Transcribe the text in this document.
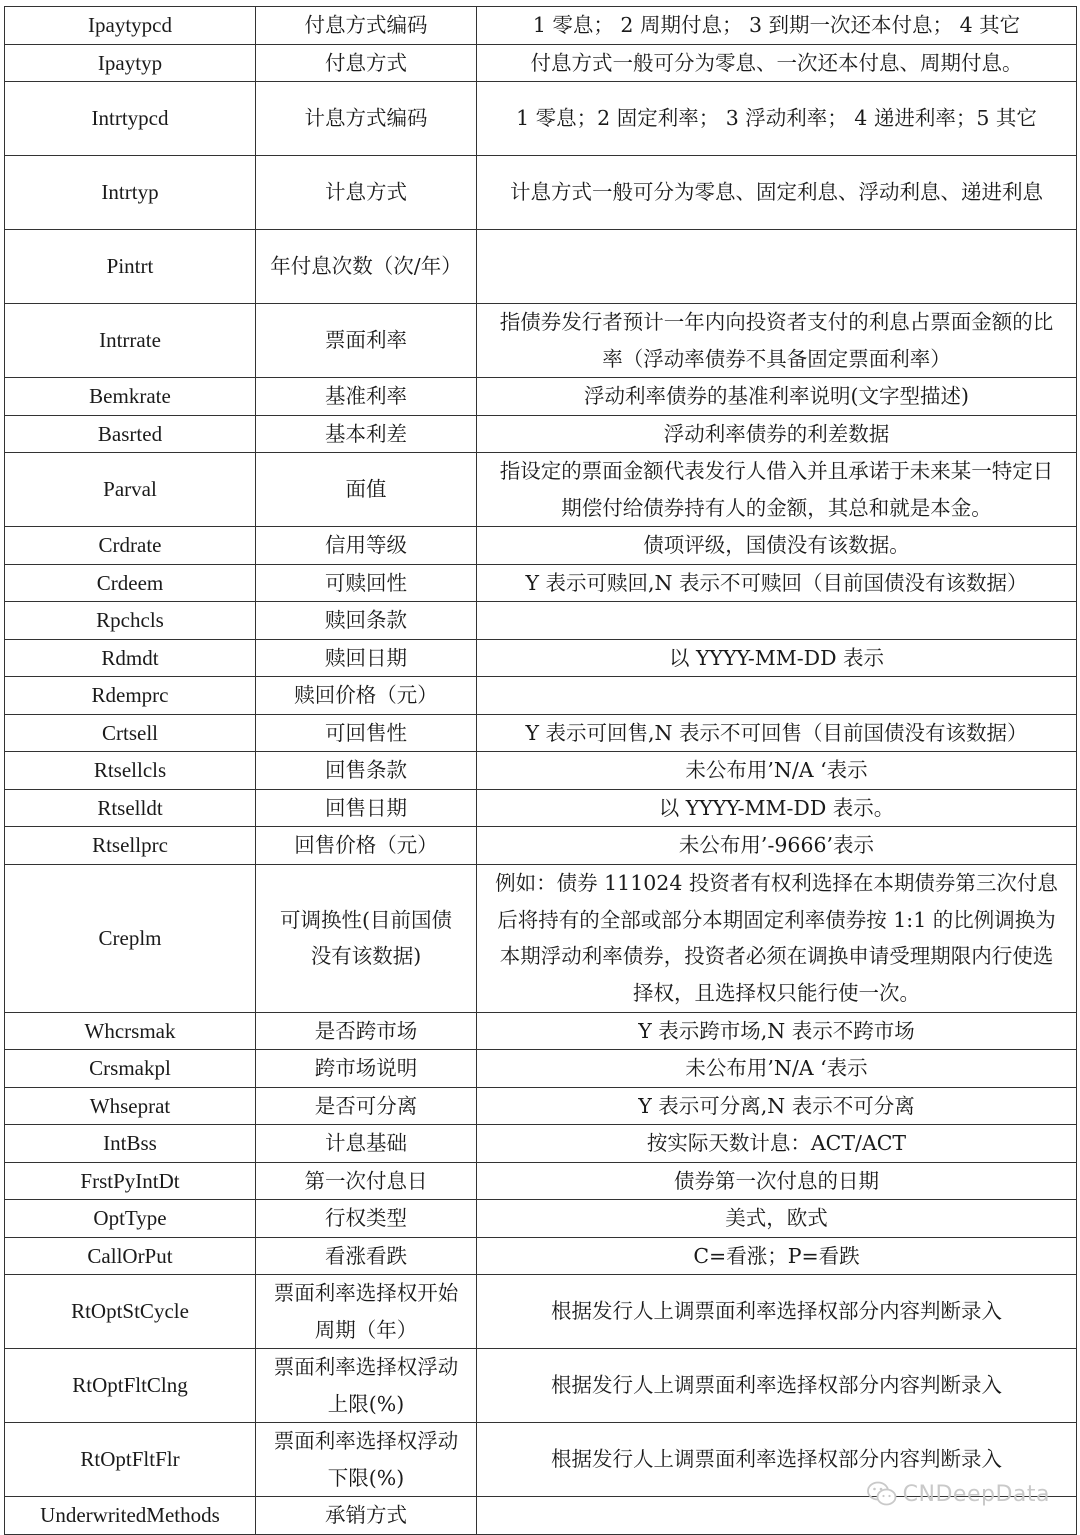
Ipaytypcd	付息方式编码	1 零息； 2 周期付息； 3 到期一次还本付息； 4 其它
Ipaytyp	付息方式	付息方式一般可分为零息、一次还本付息、周期付息。
Intrtypcd	计息方式编码	1 零息；2 固定利率； 3 浮动利率； 4 递进利率；5 其它
Intrtyp	计息方式	计息方式一般可分为零息、固定利息、浮动利息、递进利息
Pintrt	年付息次数（次/年）	
Intrrate	票面利率	指债券发行者预计一年内向投资者支付的利息占票面金额的比率（浮动率债券不具备固定票面利率）
Bemkrate	基准利率	浮动利率债券的基准利率说明(文字型描述)
Basrted	基本利差	浮动利率债券的利差数据
Parval	面值	指设定的票面金额代表发行人借入并且承诺于未来某一特定日期偿付给债券持有人的金额，其总和就是本金。
Crdrate	信用等级	债项评级，国债没有该数据。
Crdeem	可赎回性	Y 表示可赎回,N 表示不可赎回（目前国债没有该数据）
Rpchcls	赎回条款	
Rdmdt	赎回日期	以 YYYY-MM-DD 表示
Rdemprc	赎回价格（元）	
Crtsell	可回售性	Y 表示可回售,N 表示不可回售（目前国债没有该数据）
Rtsellcls	回售条款	未公布用’N/A ‘表示
Rtselldt	回售日期	以 YYYY-MM-DD 表示。
Rtsellprc	回售价格（元）	未公布用’-9666’表示
Creplm	可调换性(目前国债没有该数据)	例如：债券 111024 投资者有权利选择在本期债券第三次付息后将持有的全部或部分本期固定利率债券按 1:1 的比例调换为本期浮动利率债券，投资者必须在调换申请受理期限内行使选择权，且选择权只能行使一次。
Whcrsmak	是否跨市场	Y 表示跨市场,N 表示不跨市场
Crsmakpl	跨市场说明	未公布用’N/A ‘表示
Whseprat	是否可分离	Y 表示可分离,N 表示不可分离
IntBss	计息基础	按实际天数计息：ACT/ACT
FrstPyIntDt	第一次付息日	债券第一次付息的日期
OptType	行权类型	美式，欧式
CallOrPut	看涨看跌	C=看涨；P=看跌
RtOptStCycle	票面利率选择权开始周期（年）	根据发行人上调票面利率选择权部分内容判断录入
RtOptFltClng	票面利率选择权浮动上限(%)	根据发行人上调票面利率选择权部分内容判断录入
RtOptFltFlr	票面利率选择权浮动下限(%)	根据发行人上调票面利率选择权部分内容判断录入
UnderwritedMethods	承销方式	
CNDeepData
